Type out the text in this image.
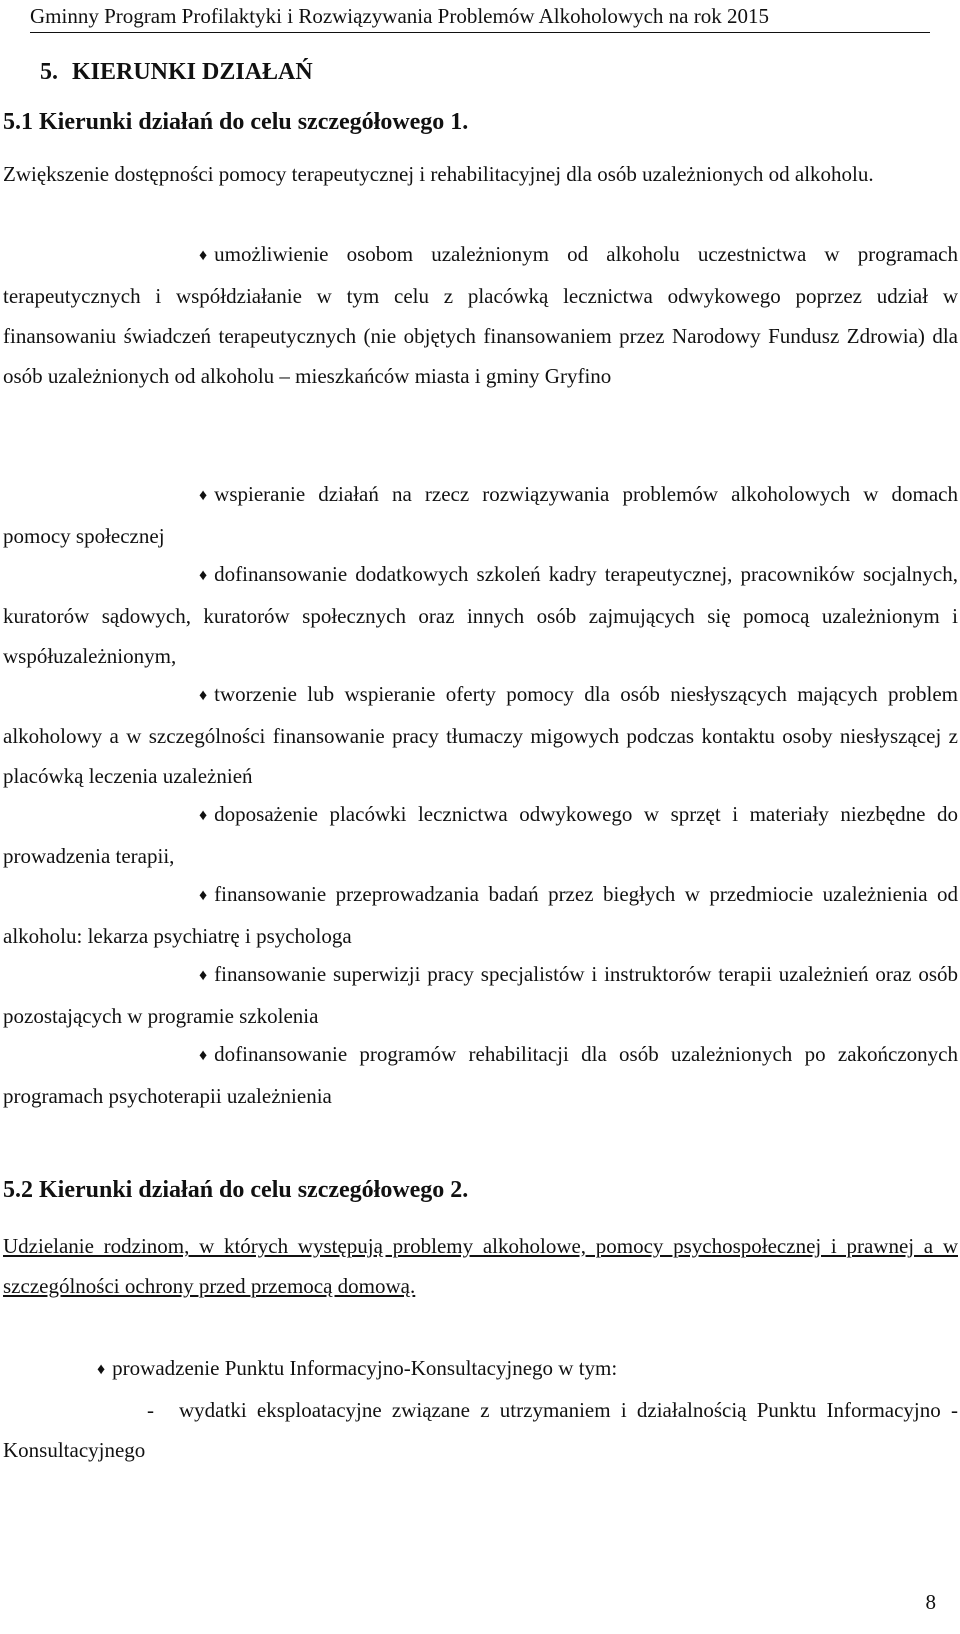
Gminny Program Profilaktyki i Rozwiązywania Problemów Alkoholowych na rok 2015
5. KIERUNKI DZIAŁAŃ
5.1 Kierunki działań do celu szczegółowego 1.
Zwiększenie dostępności pomocy terapeutycznej i rehabilitacyjnej dla osób uzależnionych od alkoholu.
♦ umożliwienie osobom uzależnionym od alkoholu uczestnictwa w programach terapeutycznych i współdziałanie w tym celu z placówką lecznictwa odwykowego poprzez udział w finansowaniu świadczeń terapeutycznych (nie objętych finansowaniem przez Narodowy Fundusz Zdrowia) dla osób uzależnionych od alkoholu – mieszkańców miasta i gminy Gryfino
♦ wspieranie działań na rzecz rozwiązywania problemów alkoholowych w domach pomocy społecznej
♦ dofinansowanie dodatkowych szkoleń kadry terapeutycznej, pracowników socjalnych, kuratorów sądowych, kuratorów społecznych oraz innych osób zajmujących się pomocą uzależnionym i współuzależnionym,
♦ tworzenie lub wspieranie oferty pomocy dla osób niesłyszących mających problem alkoholowy a w szczególności finansowanie pracy tłumaczy migowych podczas kontaktu osoby niesłyszącej z placówką leczenia uzależnień
♦ doposażenie placówki lecznictwa odwykowego w sprzęt i materiały niezbędne do prowadzenia terapii,
♦ finansowanie przeprowadzania badań przez biegłych w przedmiocie uzależnienia od alkoholu: lekarza psychiatrę i psychologa
♦ finansowanie superwizji pracy specjalistów i instruktorów terapii uzależnień oraz osób pozostających w programie szkolenia
♦ dofinansowanie programów rehabilitacji dla osób uzależnionych po zakończonych programach psychoterapii uzależnienia
5.2 Kierunki działań do celu szczegółowego 2.
Udzielanie rodzinom, w których występują problemy alkoholowe, pomocy psychospołecznej i prawnej a w szczególności ochrony przed przemocą domową.
♦ prowadzenie Punktu Informacyjno-Konsultacyjnego w tym:
- wydatki eksploatacyjne związane z utrzymaniem i działalnością Punktu Informacyjno -Konsultacyjnego
8
